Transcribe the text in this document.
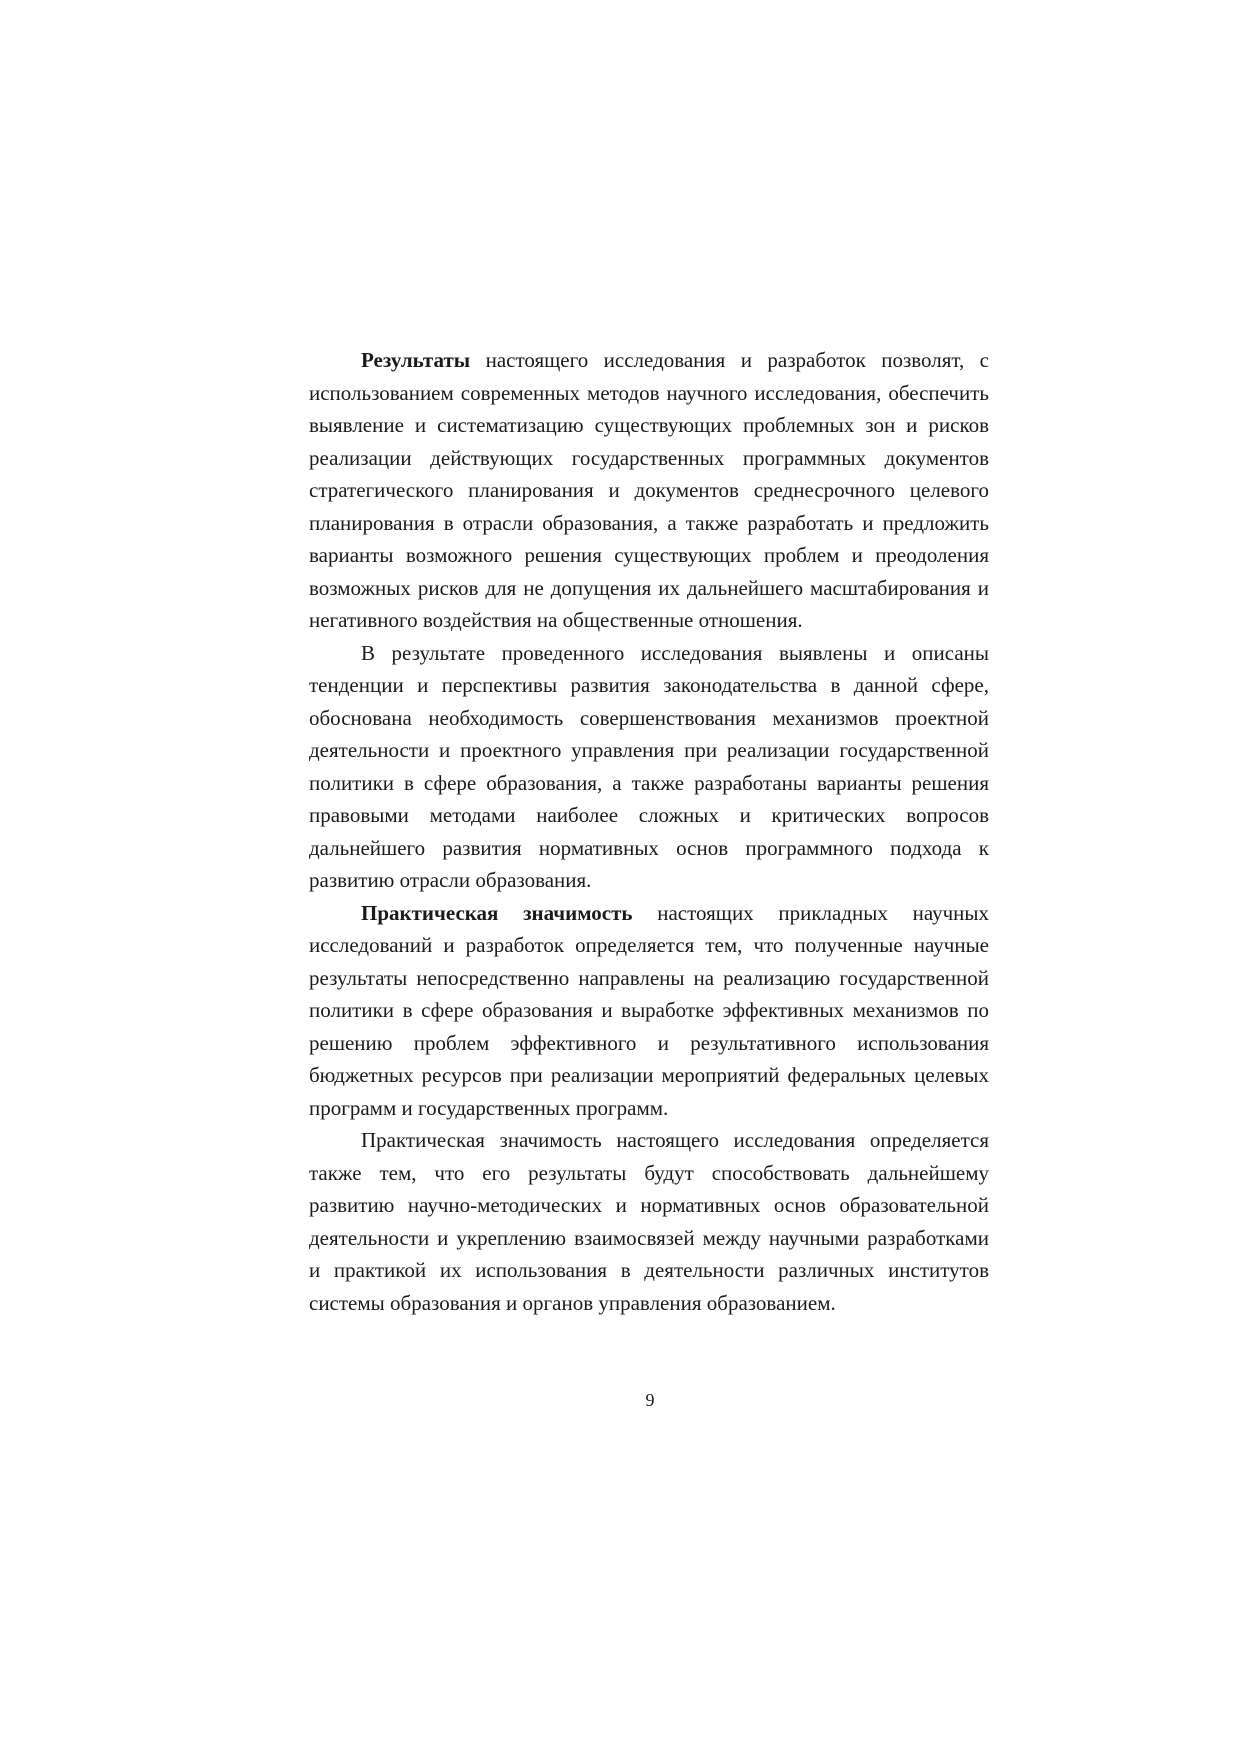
Результаты настоящего исследования и разработок позволят, с использованием современных методов научного исследования, обеспечить выявление и систематизацию существующих проблемных зон и рисков реализации действующих государственных программных документов стратегического планирования и документов среднесрочного целевого планирования в отрасли образования, а также разработать и предложить варианты возможного решения существующих проблем и преодоления возможных рисков для не допущения их дальнейшего масштабирования и негативного воздействия на общественные отношения.

В результате проведенного исследования выявлены и описаны тенденции и перспективы развития законодательства в данной сфере, обоснована необходимость совершенствования механизмов проектной деятельности и проектного управления при реализации государственной политики в сфере образования, а также разработаны варианты решения правовыми методами наиболее сложных и критических вопросов дальнейшего развития нормативных основ программного подхода к развитию отрасли образования.

Практическая значимость настоящих прикладных научных исследований и разработок определяется тем, что полученные научные результаты непосредственно направлены на реализацию государственной политики в сфере образования и выработке эффективных механизмов по решению проблем эффективного и результативного использования бюджетных ресурсов при реализации мероприятий федеральных целевых программ и государственных программ.

Практическая значимость настоящего исследования определяется также тем, что его результаты будут способствовать дальнейшему развитию научно-методических и нормативных основ образовательной деятельности и укреплению взаимосвязей между научными разработками и практикой их использования в деятельности различных институтов системы образования и органов управления образованием.

9
